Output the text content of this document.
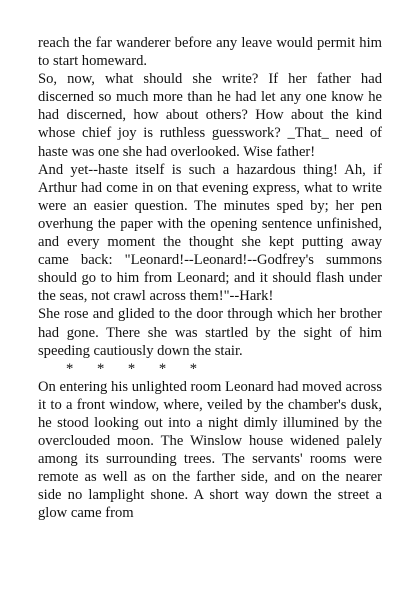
reach the far wanderer before any leave would permit him to start homeward.

So, now, what should she write? If her father had discerned so much more than he had let any one know he had discerned, how about others? How about the kind whose chief joy is ruthless guesswork? _That_ need of haste was one she had overlooked. Wise father!

And yet--haste itself is such a hazardous thing! Ah, if Arthur had come in on that evening express, what to write were an easier question. The minutes sped by; her pen overhung the paper with the opening sentence unfinished, and every moment the thought she kept putting away came back: "Leonard!--Leonard!--Godfrey's summons should go to him from Leonard; and it should flash under the seas, not crawl across them!"--Hark!

She rose and glided to the door through which her brother had gone. There she was startled by the sight of him speeding cautiously down the stair.

* * * * *

On entering his unlighted room Leonard had moved across it to a front window, where, veiled by the chamber's dusk, he stood looking out into a night dimly illumined by the overclouded moon. The Winslow house widened palely among its surrounding trees. The servants' rooms were remote as well as on the farther side, and on the nearer side no lamplight shone. A short way down the street a glow came from
